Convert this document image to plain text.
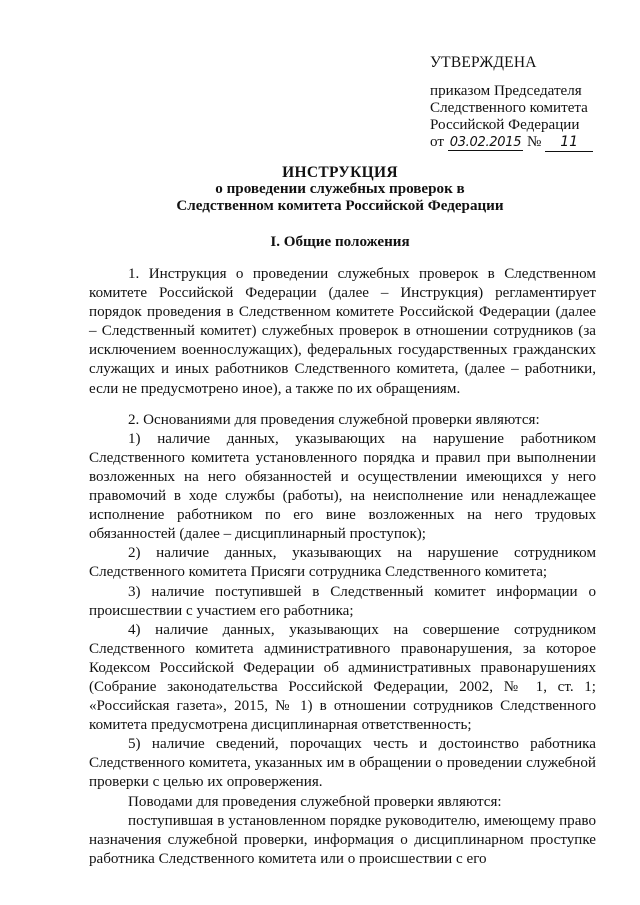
УТВЕРЖДЕНА
приказом Председателя
Следственного комитета
Российской Федерации
от 03.02.2015 № 11
ИНСТРУКЦИЯ
о проведении служебных проверок в
Следственном комитета Российской Федерации
I. Общие положения

1. Инструкция о проведении служебных проверок в Следственном комитете Российской Федерации (далее – Инструкция) регламентирует порядок проведения в Следственном комитете Российской Федерации (далее – Следственный комитет) служебных проверок в отношении сотрудников (за исключением военнослужащих), федеральных государственных гражданских служащих и иных работников Следственного комитета, (далее – работники, если не предусмотрено иное), а также по их обращениям.

2. Основаниями для проведения служебной проверки являются:

1) наличие данных, указывающих на нарушение работником Следственного комитета установленного порядка и правил при выполнении возложенных на него обязанностей и осуществлении имеющихся у него правомочий в ходе службы (работы), на неисполнение или ненадлежащее исполнение работником по его вине возложенных на него трудовых обязанностей (далее – дисциплинарный проступок);

2) наличие данных, указывающих на нарушение сотрудником Следственного комитета Присяги сотрудника Следственного комитета;

3) наличие поступившей в Следственный комитет информации о происшествии с участием его работника;

4) наличие данных, указывающих на совершение сотрудником Следственного комитета административного правонарушения, за которое Кодексом Российской Федерации об административных правонарушениях (Собрание законодательства Российской Федерации, 2002, № 1, ст. 1; «Российская газета», 2015, № 1) в отношении сотрудников Следственного комитета предусмотрена дисциплинарная ответственность;

5) наличие сведений, порочащих честь и достоинство работника Следственного комитета, указанных им в обращении о проведении служебной проверки с целью их опровержения.

Поводами для проведения служебной проверки являются:

поступившая в установленном порядке руководителю, имеющему право назначения служебной проверки, информация о дисциплинарном проступке работника Следственного комитета или о происшествии с его
